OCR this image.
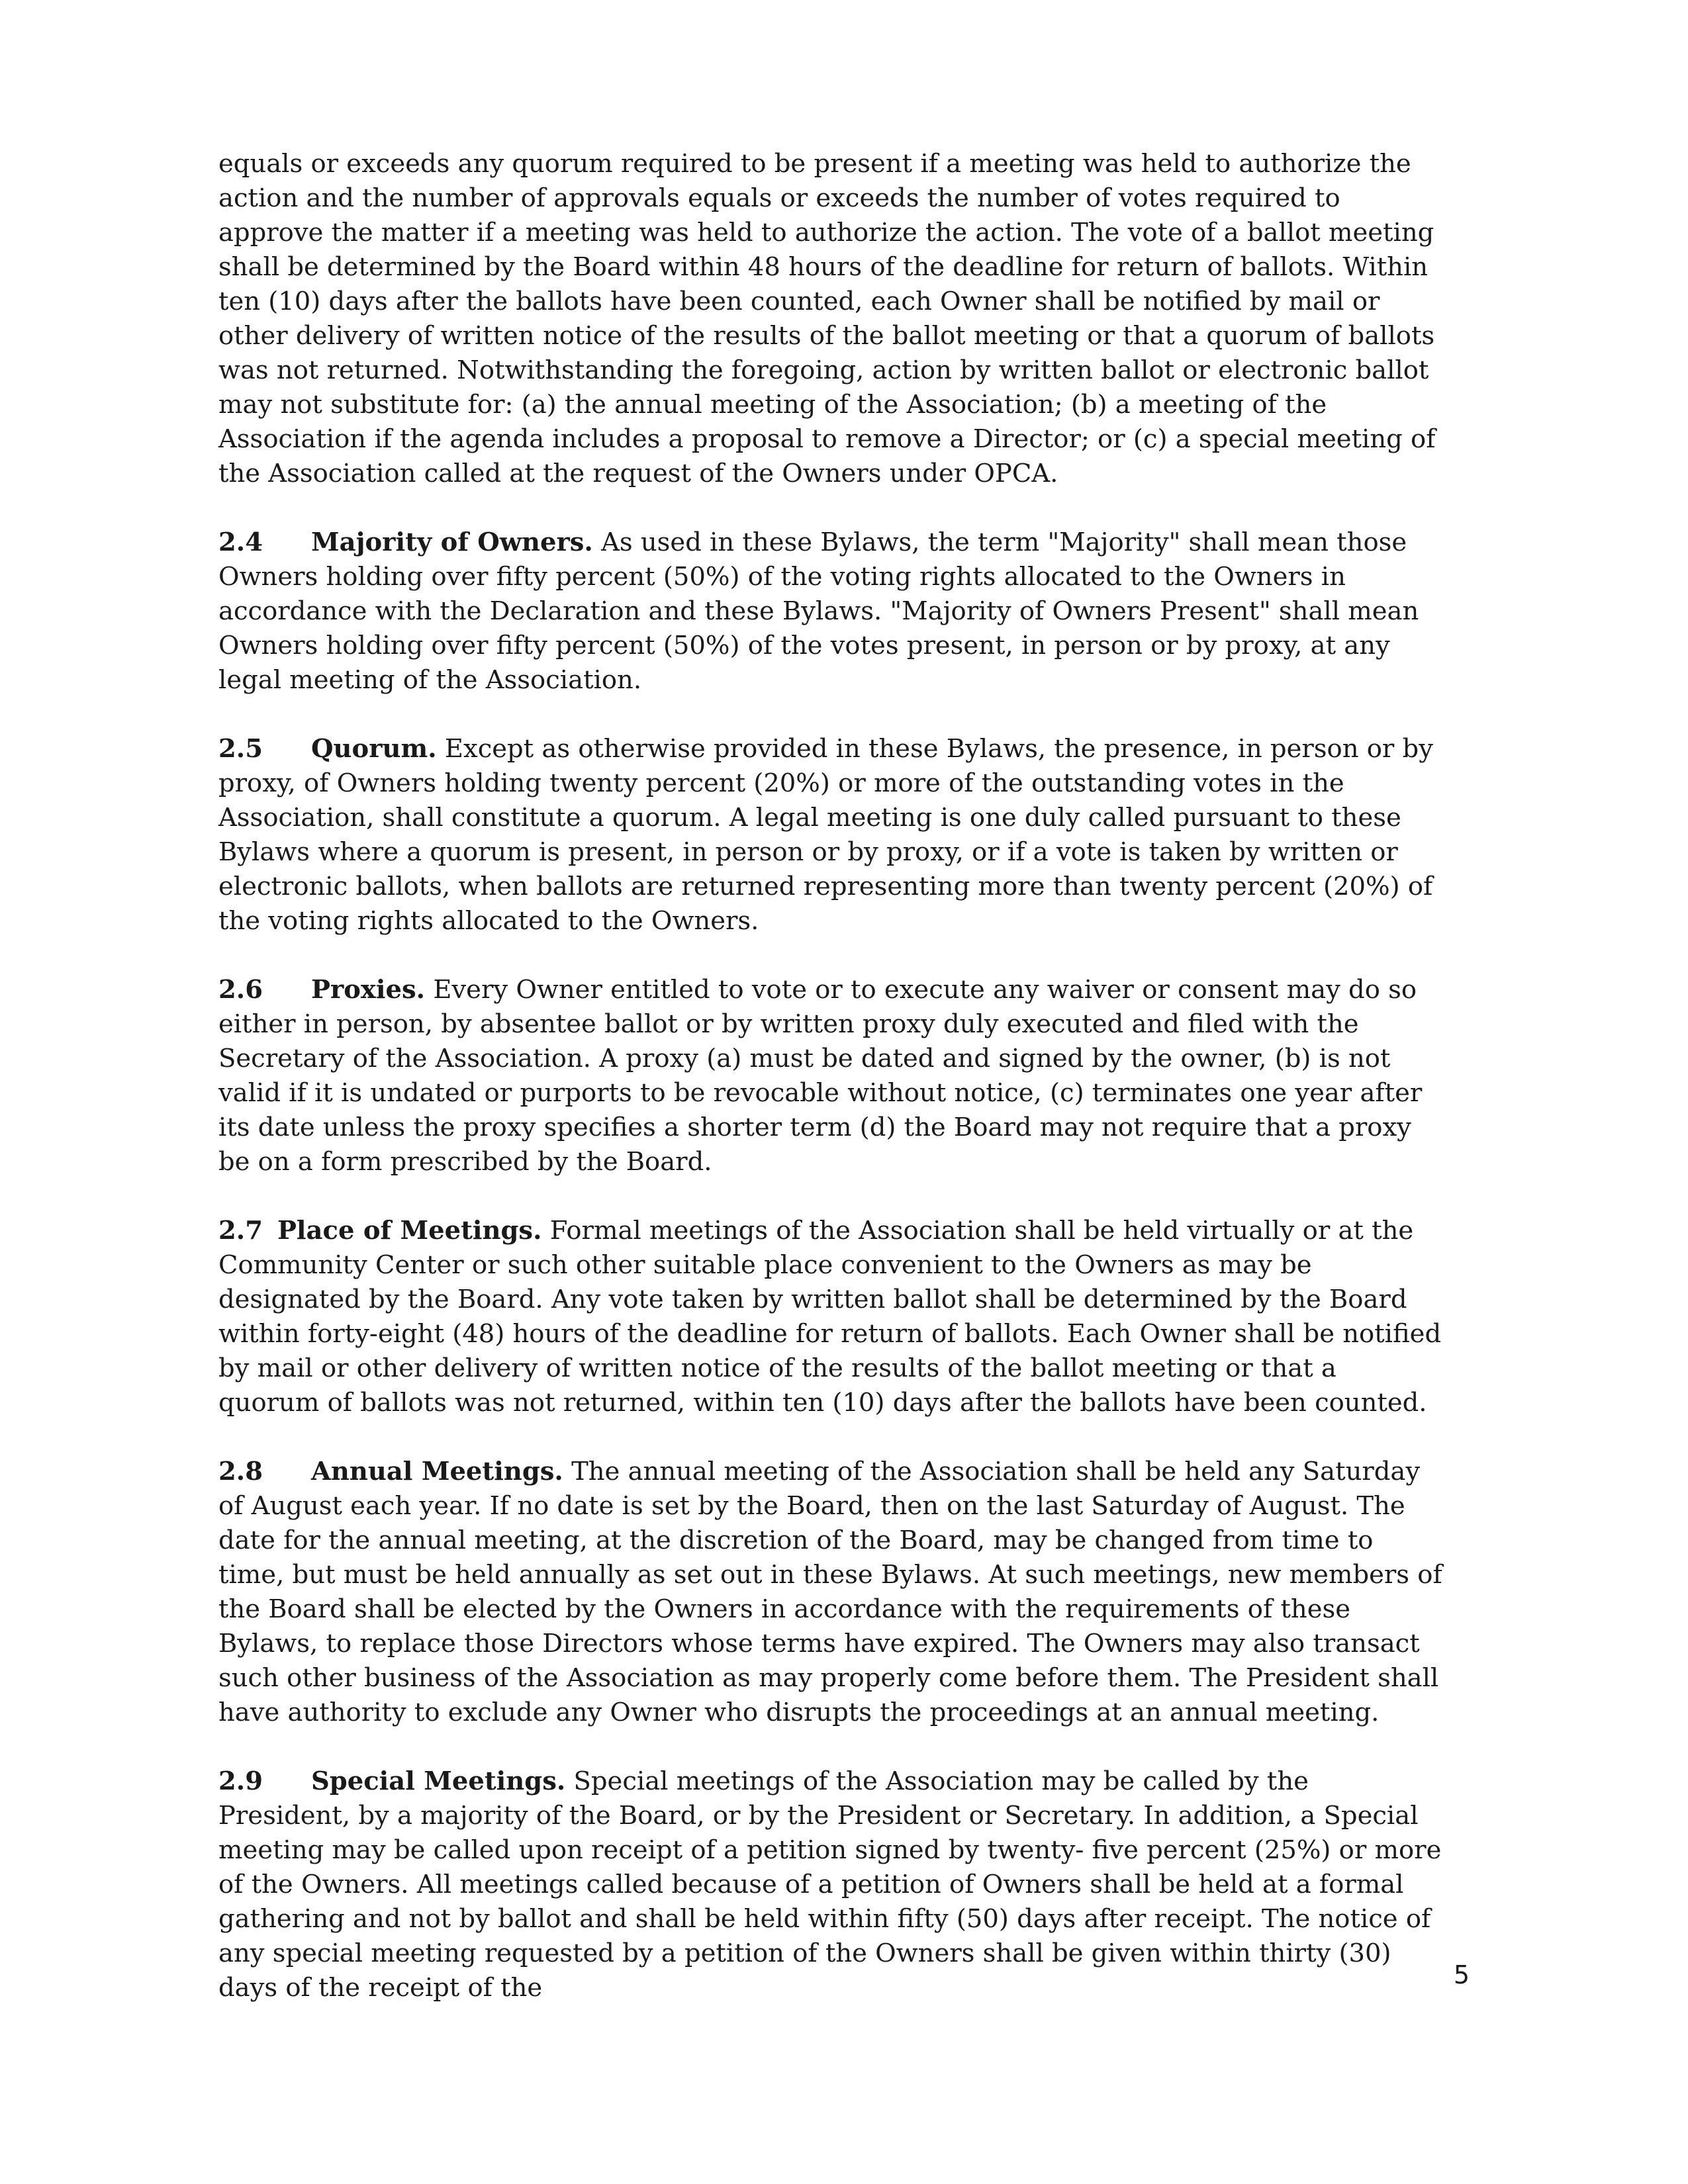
equals or exceeds any quorum required to be present if a meeting was held to authorize the action and the number of approvals equals or exceeds the number of votes required to approve the matter if a meeting was held to authorize the action. The vote of a ballot meeting shall be determined by the Board within 48 hours of the deadline for return of ballots. Within ten (10) days after the ballots have been counted, each Owner shall be notified by mail or other delivery of written notice of the results of the ballot meeting or that a quorum of ballots was not returned. Notwithstanding the foregoing, action by written ballot or electronic ballot may not substitute for: (a) the annual meeting of the Association; (b) a meeting of the Association if the agenda includes a proposal to remove a Director; or (c) a special meeting of the Association called at the request of the Owners under OPCA.

2.4 Majority of Owners. As used in these Bylaws, the term "Majority" shall mean those Owners holding over fifty percent (50%) of the voting rights allocated to the Owners in accordance with the Declaration and these Bylaws. "Majority of Owners Present" shall mean Owners holding over fifty percent (50%) of the votes present, in person or by proxy, at any legal meeting of the Association.

2.5 Quorum. Except as otherwise provided in these Bylaws, the presence, in person or by proxy, of Owners holding twenty percent (20%) or more of the outstanding votes in the Association, shall constitute a quorum. A legal meeting is one duly called pursuant to these Bylaws where a quorum is present, in person or by proxy, or if a vote is taken by written or electronic ballots, when ballots are returned representing more than twenty percent (20%) of the voting rights allocated to the Owners.

2.6 Proxies. Every Owner entitled to vote or to execute any waiver or consent may do so either in person, by absentee ballot or by written proxy duly executed and filed with the Secretary of the Association. A proxy (a) must be dated and signed by the owner, (b) is not valid if it is undated or purports to be revocable without notice, (c) terminates one year after its date unless the proxy specifies a shorter term (d) the Board may not require that a proxy be on a form prescribed by the Board.

2.7 Place of Meetings. Formal meetings of the Association shall be held virtually or at the Community Center or such other suitable place convenient to the Owners as may be designated by the Board. Any vote taken by written ballot shall be determined by the Board within forty-eight (48) hours of the deadline for return of ballots. Each Owner shall be notified by mail or other delivery of written notice of the results of the ballot meeting or that a quorum of ballots was not returned, within ten (10) days after the ballots have been counted.

2.8 Annual Meetings. The annual meeting of the Association shall be held any Saturday of August each year. If no date is set by the Board, then on the last Saturday of August. The date for the annual meeting, at the discretion of the Board, may be changed from time to time, but must be held annually as set out in these Bylaws. At such meetings, new members of the Board shall be elected by the Owners in accordance with the requirements of these Bylaws, to replace those Directors whose terms have expired. The Owners may also transact such other business of the Association as may properly come before them. The President shall have authority to exclude any Owner who disrupts the proceedings at an annual meeting.

2.9 Special Meetings. Special meetings of the Association may be called by the President, by a majority of the Board, or by the President or Secretary. In addition, a Special meeting may be called upon receipt of a petition signed by twenty- five percent (25%) or more of the Owners. All meetings called because of a petition of Owners shall be held at a formal gathering and not by ballot and shall be held within fifty (50) days after receipt. The notice of any special meeting requested by a petition of the Owners shall be given within thirty (30) days of the receipt of the	5
